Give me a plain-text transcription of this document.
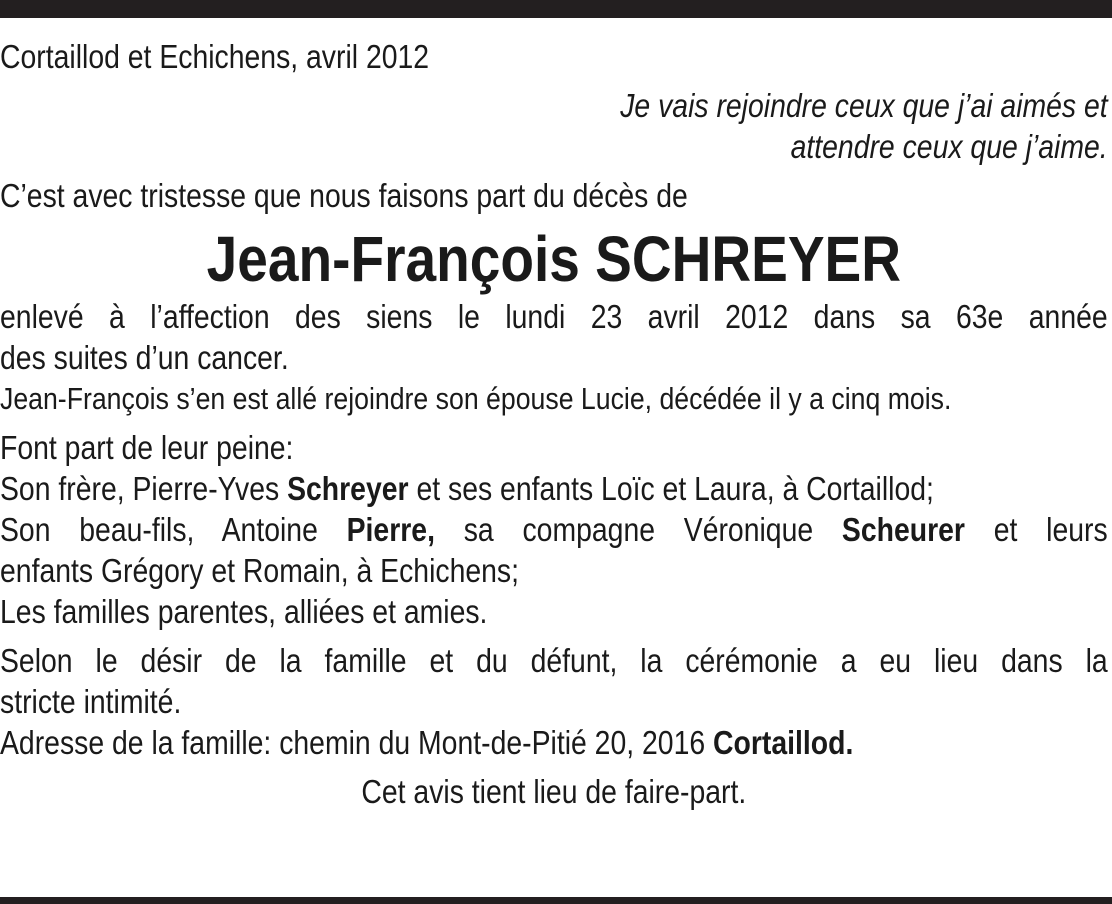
Cortaillod et Echichens, avril 2012
Je vais rejoindre ceux que j’ai aimés et
attendre ceux que j’aime.
C’est avec tristesse que nous faisons part du décès de
Jean-François SCHREYER
enlevé à l’affection des siens le lundi 23 avril 2012 dans sa 63e année
des suites d’un cancer.
Jean-François s’en est allé rejoindre son épouse Lucie, décédée il y a cinq mois.
Font part de leur peine:
Son frère, Pierre-Yves Schreyer et ses enfants Loïc et Laura, à Cortaillod;
Son beau-fils, Antoine Pierre, sa compagne Véronique Scheurer et leurs
enfants Grégory et Romain, à Echichens;
Les familles parentes, alliées et amies.
Selon le désir de la famille et du défunt, la cérémonie a eu lieu dans la
stricte intimité.
Adresse de la famille: chemin du Mont-de-Pitié 20, 2016 Cortaillod.
Cet avis tient lieu de faire-part.
